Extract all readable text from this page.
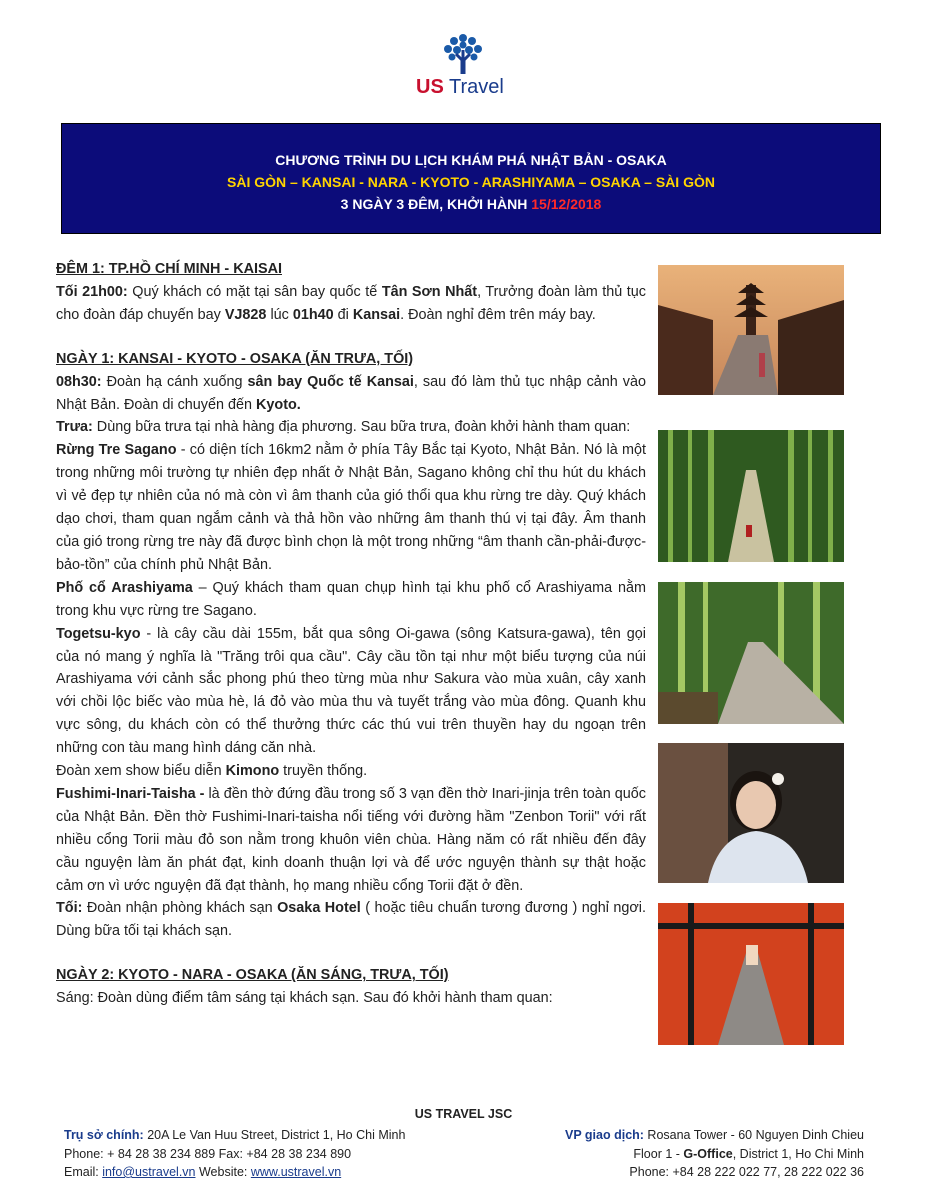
US Travel
CHƯƠNG TRÌNH DU LỊCH KHÁM PHÁ NHẬT BẢN - OSAKA
SÀI GÒN – KANSAI - NARA - KYOTO - ARASHIYAMA – OSAKA – SÀI GÒN
3 NGÀY 3 ĐÊM, KHỞI HÀNH 15/12/2018

ĐÊM 1: TP.HỒ CHÍ MINH - KAISAI

Tối 21h00: Quý khách có mặt tại sân bay quốc tế Tân Sơn Nhất, Trưởng đoàn làm thủ tục cho đoàn đáp chuyến bay VJ828 lúc 01h40 đi Kansai. Đoàn nghỉ đêm trên máy bay.

NGÀY 1: KANSAI - KYOTO - OSAKA (ĂN TRƯA, TỐI)

08h30: Đoàn hạ cánh xuống sân bay Quốc tế Kansai, sau đó làm thủ tục nhập cảnh vào Nhật Bản. Đoàn di chuyển đến Kyoto.

Trưa: Dùng bữa trưa tại nhà hàng địa phương. Sau bữa trưa, đoàn khởi hành tham quan:

Rừng Tre Sagano - có diện tích 16km2 nằm ở phía Tây Bắc tại Kyoto, Nhật Bản. Nó là một trong những môi trường tự nhiên đẹp nhất ở Nhật Bản, Sagano không chỉ thu hút du khách vì vẻ đẹp tự nhiên của nó mà còn vì âm thanh của gió thổi qua khu rừng tre dày. Quý khách dạo chơi, tham quan ngắm cảnh và thả hồn vào những âm thanh thú vị tại đây. Âm thanh của gió trong rừng tre này đã được bình chọn là một trong những “âm thanh cần-phải-được-bảo-tồn” của chính phủ Nhật Bản.

Phố cổ Arashiyama – Quý khách tham quan chụp hình tại khu phố cổ Arashiyama nằm trong khu vực rừng tre Sagano.

Togetsu-kyo - là cây cầu dài 155m, bắt qua sông Oi-gawa (sông Katsura-gawa), tên gọi của nó mang ý nghĩa là "Trăng trôi qua cầu". Cây cầu tồn tại như một biểu tượng của núi Arashiyama với cảnh sắc phong phú theo từng mùa như Sakura vào mùa xuân, cây xanh với chồi lộc biếc vào mùa hè, lá đỏ vào mùa thu và tuyết trắng vào mùa đông. Quanh khu vực sông, du khách còn có thể thưởng thức các thú vui trên thuyền hay du ngoạn trên những con tàu mang hình dáng căn nhà.

Đoàn xem show biểu diễn Kimono truyền thống.

Fushimi-Inari-Taisha - là đền thờ đứng đầu trong số 3 vạn đền thờ Inari-jinja trên toàn quốc của Nhật Bản. Đền thờ Fushimi-Inari-taisha nổi tiếng với đường hầm "Zenbon Torii" với rất nhiều cổng Torii màu đỏ son nằm trong khuôn viên chùa. Hàng năm có rất nhiều đến đây cầu nguyện làm ăn phát đạt, kinh doanh thuận lợi và để ước nguyện thành sự thật hoặc cảm ơn vì ước nguyện đã đạt thành, họ mang nhiều cổng Torii đặt ở đền.

Tối: Đoàn nhận phòng khách sạn Osaka Hotel ( hoặc tiêu chuẩn tương đương ) nghỉ ngơi. Dùng bữa tối tại khách sạn.

NGÀY 2: KYOTO - NARA - OSAKA (ĂN SÁNG, TRƯA, TỐI)

Sáng: Đoàn dùng điểm tâm sáng tại khách sạn. Sau đó khởi hành tham quan:

US TRAVEL JSC
Trụ sở chính: 20A Le Van Huu Street, District 1, Ho Chi Minh
Phone: + 84 28 38 234 889 Fax: +84 28 38 234 890
Email: info@ustravel.vn Website: www.ustravel.vn
VP giao dịch: Rosana Tower - 60 Nguyen Dinh Chieu
Floor 1 - G-Office, District 1, Ho Chi Minh
Phone: +84 28 222 022 77, 28 222 022 36
